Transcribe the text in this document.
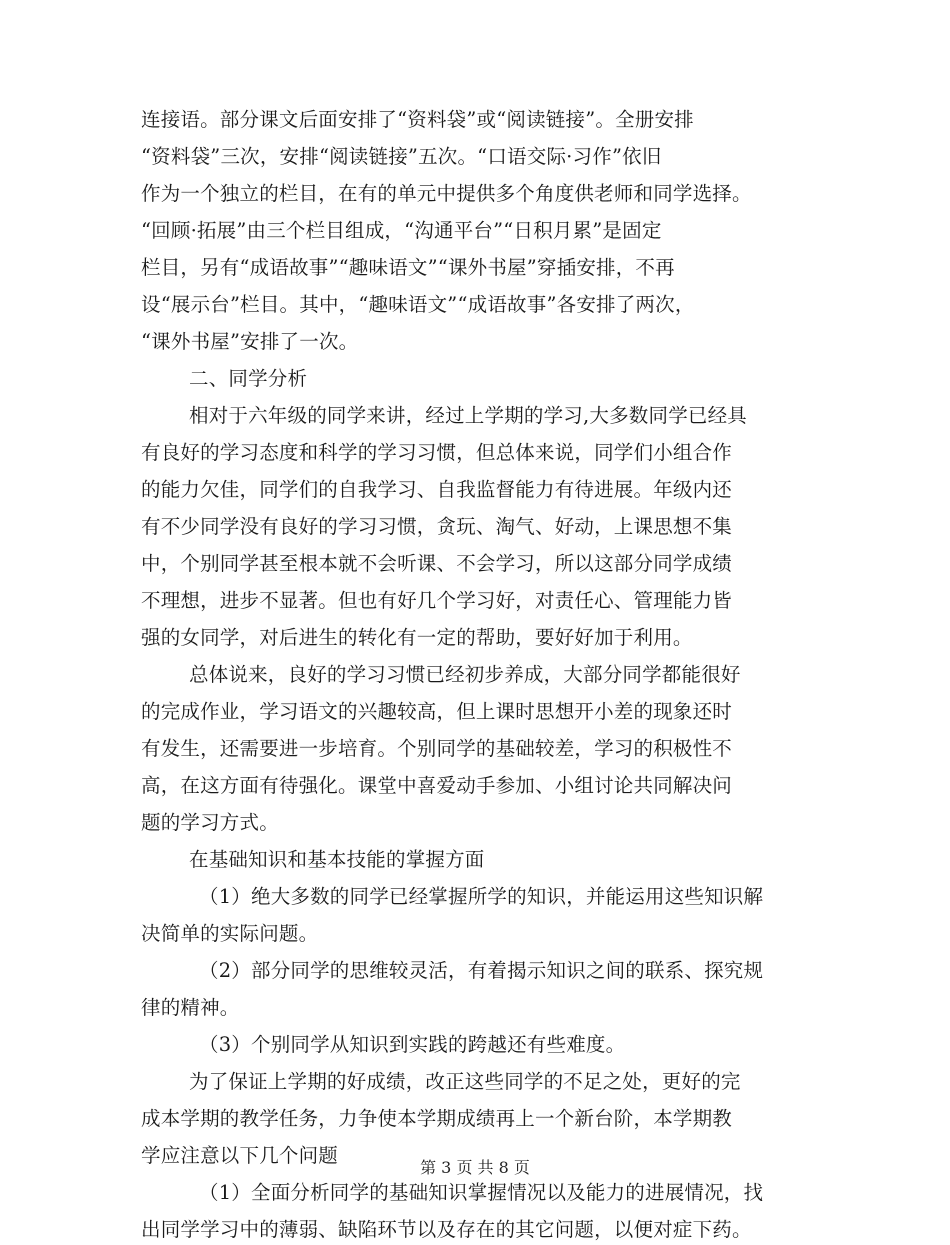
连接语。部分课文后面安排了“资料袋”或“阅读链接”。全册安排
“资料袋”三次，安排“阅读链接”五次。“口语交际·习作”依旧
作为一个独立的栏目，在有的单元中提供多个角度供老师和同学选择。
“回顾·拓展”由三个栏目组成，“沟通平台”“日积月累”是固定
栏目，另有“成语故事”“趣味语文”“课外书屋”穿插安排，不再
设“展示台”栏目。其中，“趣味语文”“成语故事”各安排了两次，
“课外书屋”安排了一次。
二、同学分析
相对于六年级的同学来讲，经过上学期的学习,大多数同学已经具
有良好的学习态度和科学的学习习惯，但总体来说，同学们小组合作
的能力欠佳，同学们的自我学习、自我监督能力有待进展。年级内还
有不少同学没有良好的学习习惯，贪玩、淘气、好动，上课思想不集
中，个别同学甚至根本就不会听课、不会学习，所以这部分同学成绩
不理想，进步不显著。但也有好几个学习好，对责任心、管理能力皆
强的女同学，对后进生的转化有一定的帮助，要好好加于利用。
总体说来，良好的学习习惯已经初步养成，大部分同学都能很好
的完成作业，学习语文的兴趣较高，但上课时思想开小差的现象还时
有发生，还需要进一步培育。个别同学的基础较差，学习的积极性不
高，在这方面有待强化。课堂中喜爱动手参加、小组讨论共同解决问
题的学习方式。
在基础知识和基本技能的掌握方面
（1）绝大多数的同学已经掌握所学的知识，并能运用这些知识解
决简单的实际问题。
（2）部分同学的思维较灵活，有着揭示知识之间的联系、探究规
律的精神。
（3）个别同学从知识到实践的跨越还有些难度。
为了保证上学期的好成绩，改正这些同学的不足之处，更好的完
成本学期的教学任务，力争使本学期成绩再上一个新台阶，本学期教
学应注意以下几个问题
（1）全面分析同学的基础知识掌握情况以及能力的进展情况，找
出同学学习中的薄弱、缺陷环节以及存在的其它问题，以便对症下药。
第 3 页 共 8 页
